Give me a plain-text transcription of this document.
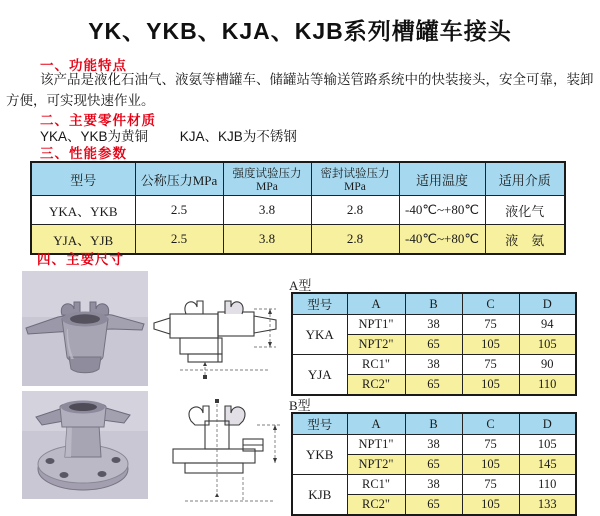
YK、YKB、KJA、KJB系列槽罐车接头
一、功能特点

该产品是液化石油气、液氨等槽罐车、储罐站等输送管路系统中的快装接头，安全可靠，装卸方便，可实现快速作业。

二、主要零件材质
YKA、YKB为黄铜 KJA、KJB为不锈钢
三、性能参数
型号	公称压力MPa	强度试验压力MPa	密封试验压力MPa	适用温度	适用介质
YKA、YKB	2.5	3.8	2.8	-40℃~+80℃	液化气
YJA、YJB	2.5	3.8	2.8	-40℃~+80℃	液　氨
四、主要尺寸
A型
型号	A	B	C	D
YKA	NPT1"	38	75	94
	NPT2"	65	105	105
YJA	RC1"	38	75	90
	RC2"	65	105	110
B型
型号	A	B	C	D
YKB	NPT1"	38	75	105
	NPT2"	65	105	145
KJB	RC1"	38	75	110
	RC2"	65	105	133
